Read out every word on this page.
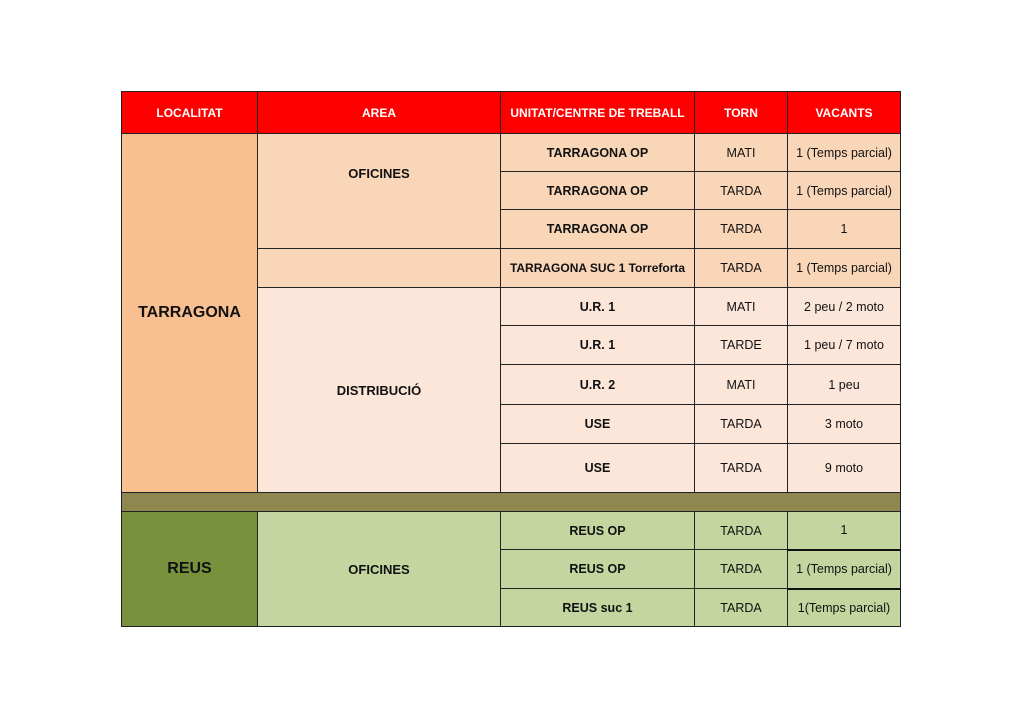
LOCALITAT	AREA	UNITAT/CENTRE DE TREBALL	TORN	VACANTS
TARRAGONA	OFICINES	TARRAGONA OP	MATI	1 (Temps parcial)
		TARRAGONA OP	TARDA	1 (Temps parcial)
		TARRAGONA OP	TARDA	1
		TARRAGONA SUC 1 Torreforta	TARDA	1 (Temps parcial)
	DISTRIBUCIÓ	U.R. 1	MATI	2 peu / 2 moto
		U.R. 1	TARDE	1 peu / 7 moto
		U.R. 2	MATI	1 peu
		USE	TARDA	3 moto
		USE	TARDA	9 moto

REUS	OFICINES	REUS OP	TARDA	1
		REUS OP	TARDA	1 (Temps parcial)
		REUS suc 1	TARDA	1(Temps parcial)
